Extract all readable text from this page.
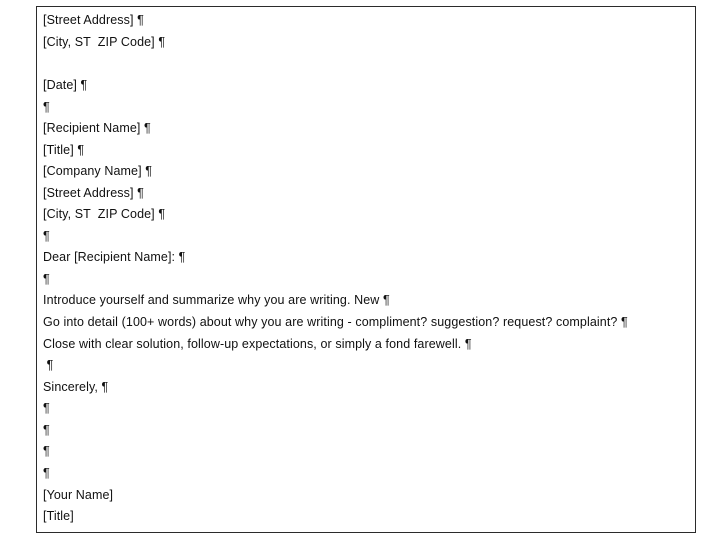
[Street Address] ¶
[City, ST  ZIP Code] ¶
[Date] ¶
¶
[Recipient Name] ¶
[Title] ¶
[Company Name] ¶
[Street Address] ¶
[City, ST  ZIP Code] ¶
¶
Dear [Recipient Name]: ¶
¶
Introduce yourself and summarize why you are writing. New ¶
Go into detail (100+ words) about why you are writing - compliment? suggestion? request? complaint? ¶
Close with clear solution, follow-up expectations, or simply a fond farewell. ¶
¶
Sincerely, ¶
¶
¶
¶
¶
[Your Name]
[Title]
